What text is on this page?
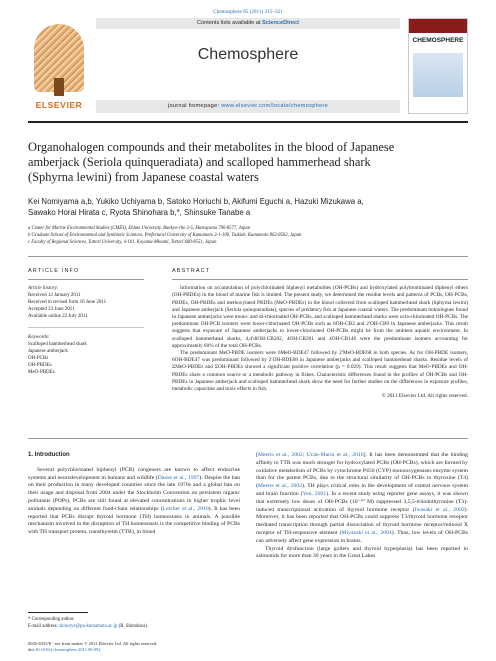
Chemosphere 85 (2011) 315–321
ELSEVIER
Contents lists available at ScienceDirect
Chemosphere
journal homepage: www.elsevier.com/locate/chemosphere
CHEMOSPHERE
Organohalogen compounds and their metabolites in the blood of Japanese
amberjack (Seriola quinqueradiata) and scalloped hammerhead shark
(Sphyrna lewini) from Japanese coastal waters
Kei Nomiyama a,b, Yukiko Uchiyama b, Satoko Horiuchi b, Akifumi Eguchi a, Hazuki Mizukawa a,
Sawako Horai Hirata c, Ryota Shinohara b,*, Shinsuke Tanabe a
a Center for Marine Environmental Studies (CMES), Ehime University, Bunkyo-cho 2-5, Matsuyama 790-8577, Japan
b Graduate School of Environmental and Symbiotic Sciences, Prefectural University of Kumamoto 3-1-100, Tsukide, Kumamoto 862-8502, Japan
c Faculty of Regional Sciences, Tottori University, 4-101, Koyama-Minami, Tottori 680-8551, Japan
ARTICLE INFO
Article history:
Received 12 January 2011
Received in revised form 16 June 2011
Accepted 23 June 2011
Available online 22 July 2011
Keywords:
Scalloped hammerhead shark
Japanese amberjack
OH-PCBs
OH-PBDEs
MeO-PBDEs
ABSTRACT

Information on accumulation of polychlorinated biphenyl metabolites (OH-PCBs) and hydroxylated polybrominated diphenyl ethers (OH-PBDEs) in the blood of marine fish is limited. The present study, we determined the residue levels and patterns of PCBs, OH-PCBs, PBDEs, OH-PBDEs and methoxylated PBDEs (MeO-PBDEs) in the blood collected from scalloped hammerhead shark (Sphyrna lewini) and Japanese amberjack (Seriola quinqueradiata), species of predatory fish at Japanese coastal waters. The predominant homologues found in Japanese amberjacks were mono- and di-chlorinated OH-PCBs, and scalloped hammerhead sharks were octa-chlorinated OH-PCBs. The predominant OH-PCB isomers were lower-chlorinated OH-PCBs such as 6OH-CB2 and 2′OH-CB9 in Japanese amberjacks. This result suggests that exposure of Japanese amberjacks to lower-chlorinated OH-PCBs might be from the ambient aquatic environment. In scalloped hammerhead sharks, 4,4′diOH-CB202, 4OH-CB201 and 4OH-CB146 were the predominant isomers accounting for approximately 60% of the total OH-PCBs.

The predominant MeO-PBDE isomers were 6MeO-BDE47 followed by 2′MeO-BDE68 in both species. As for OH-PBDE isomers, 6OH-BDE47 was predominant followed by 2′OH-BDE68 in Japanese amberjacks and scalloped hammerhead sharks. Residue levels of ΣMeO-PBDEs and ΣOH-PBDEs showed a significant positive correlation (p = 0.029). This result suggests that MeO-PBDEs and OH-PBDEs share a common source or a metabolic pathway in fishes. Characteristic differences found in the profiles of OH-PCBs and OH-PBDEs in Japanese amberjack and scalloped hammerhead shark show the need for further studies on the differences in exposure profiles, metabolic capacities and toxic effects in fish.

© 2011 Elsevier Ltd. All rights reserved.

1. Introduction

Several polychlorinated biphenyl (PCB) congeners are known to affect endocrine systems and neurodevelopment in humans and wildlife (Danse et al., 1997). Despite the ban on their production in many developed countries since the late 1970s and a global ban on their usage and disposal from 2004 under the Stockholm Convention on persistent organic pollutants (POPs), PCBs are still found at elevated concentrations in higher trophic level animals depending on different food-chain relationships (Letcher et al., 2010). It has been reported that PCBs disrupt thyroid hormone (TH) homeostasis in animals. A possible mechanism involved in the disruption of TH homeostasis is the competitive binding of PCBs with TH transport protein, transthyretin (TTR), in blood

[Meerts et al., 2002; Ucán-Marin et al., 2010]. It has been demonstrated that the binding affinity to TTR was much stronger for hydroxylated PCBs (OH-PCBs), which are formed by oxidative metabolism of PCBs by cytochrome P450 (CYP) monooxygenases enzyme system than for the parent PCBs, due to the structural similarity of OH-PCBs to thyroxine (T4) (Meerts et al., 2002). TH plays critical roles in the development of central nervous system and brain function (Yen, 2001). In a recent study using reporter gene assays, it was shown that extremely low doses of OH-PCBs (10⁻¹⁰ M) suppressed 3,5,5-triiodothyronine (T3)-induced transcriptional activation of thyroid hormone receptor (Iwasaki et al., 2002). Moreover, it has been reported that OH-PCBs could suppress T3/thyroid hormone receptor mediated transcription through partial dissociation of thyroid hormone receptor/retinoid X receptor of TH-responsive element (Miyazaki et al., 2004). Thus, low levels of OH-PCBs can adversely affect gene expression in brains.

Thyroid dysfunction (large goiters and thyroid hyperplasia) has been reported in salmonids for more than 30 years in the Great Lakes

* Corresponding author.
E-mail address: shinorye@pu-kumamoto.ac.jp (R. Shinohara).
0045-6535/$ - see front matter © 2011 Elsevier Ltd. All rights reserved.
doi:10.1016/j.chemosphere.2011.06.092
